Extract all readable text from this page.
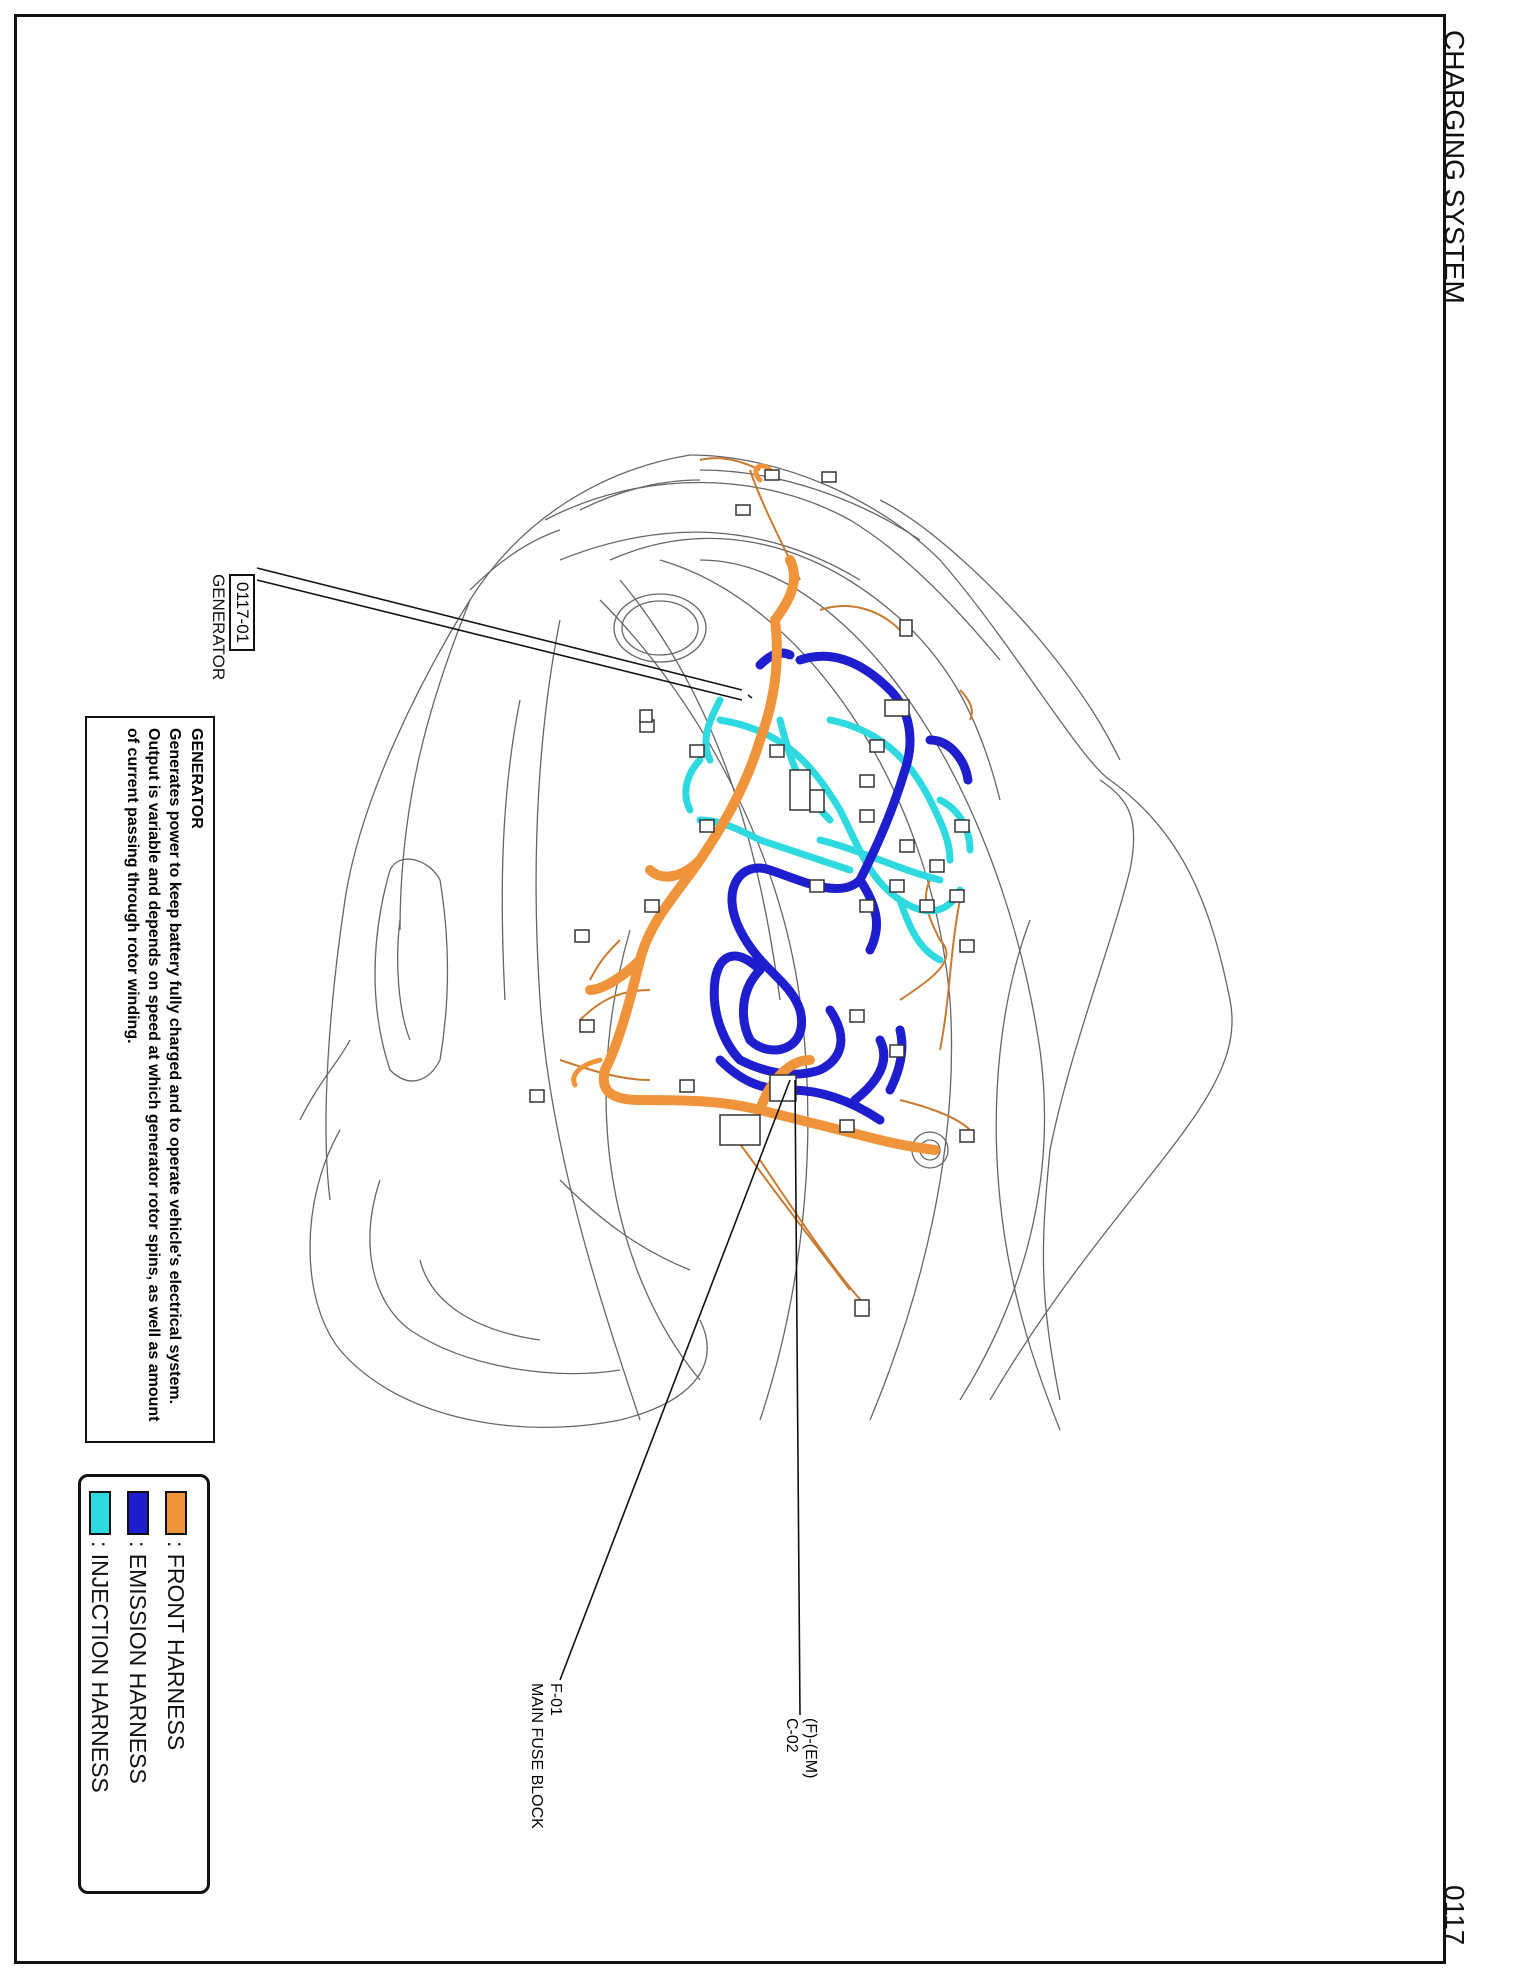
CHARGING SYSTEM
0117
0117-01
GENERATOR
GENERATOR
Generates power to keep battery fully charged and to operate vehicle's electrical system. Output is variable and depends on speed at which generator rotor spins, as well as amount of current passing through rotor winding.
(F)-(EM)
C-02
F-01
MAIN FUSE BLOCK
: FRONT HARNESS
: EMISSION HARNESS
: INJECTION HARNESS
